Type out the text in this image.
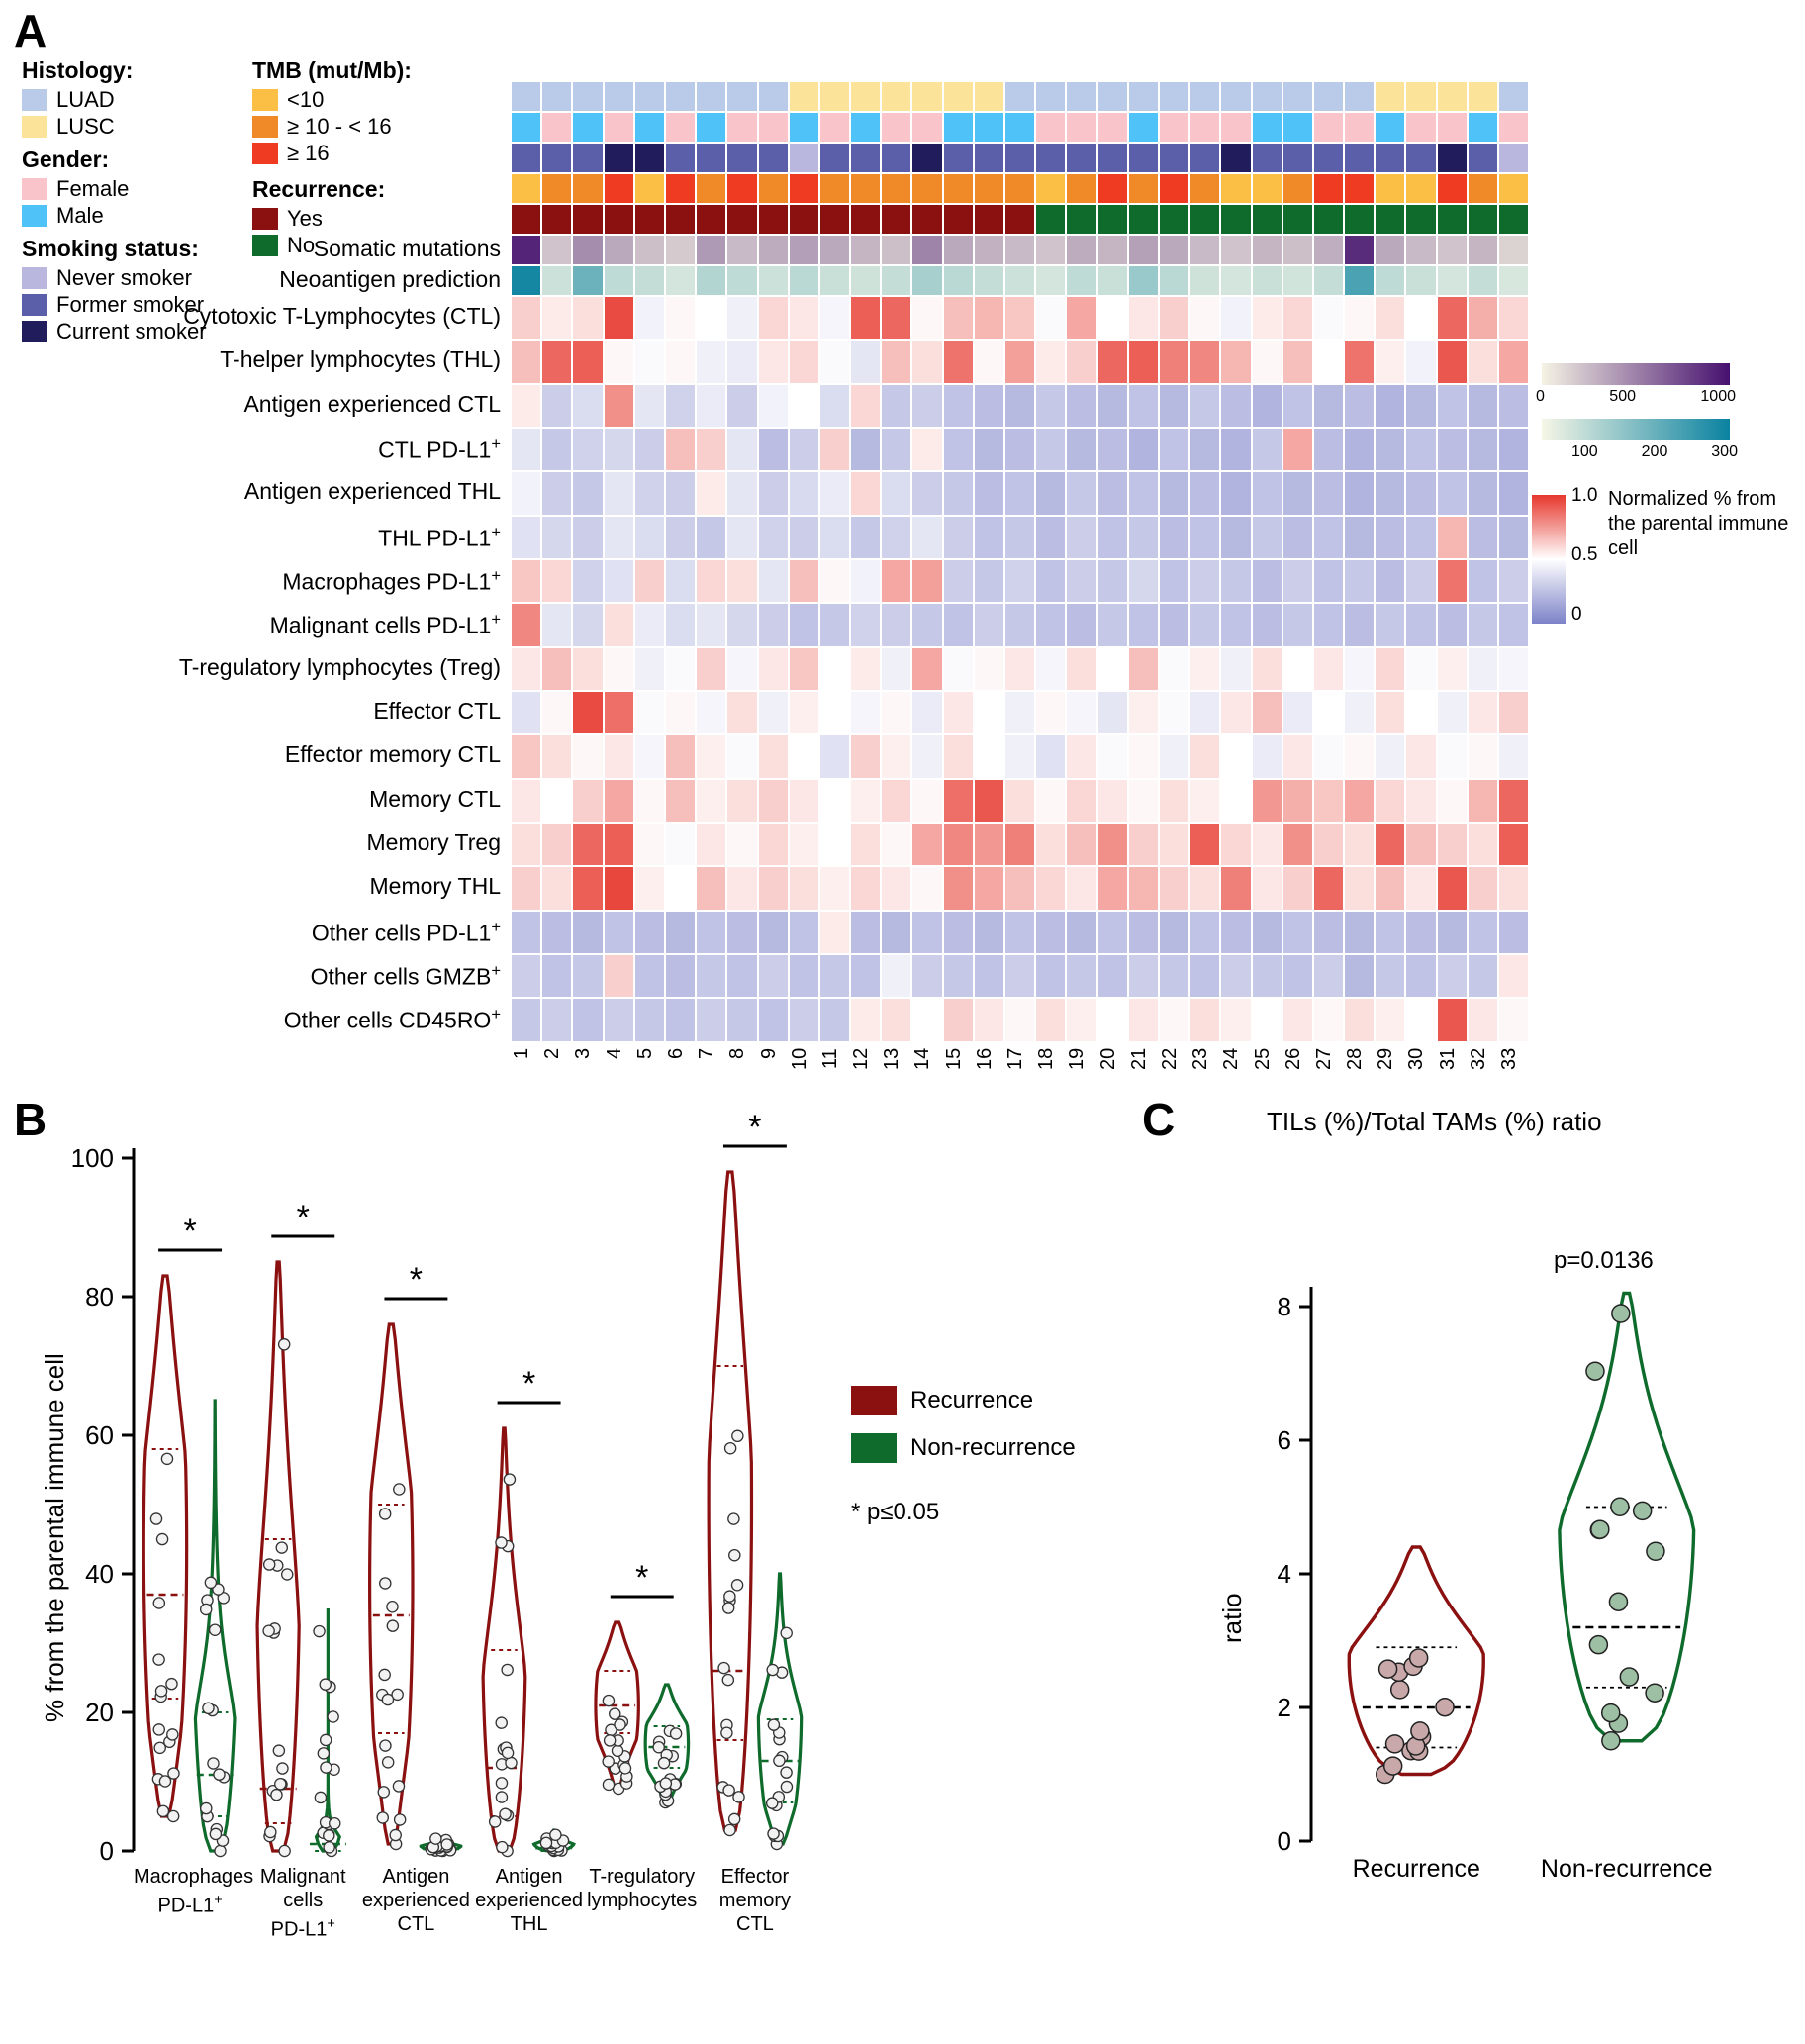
A
Histology:
LUAD
LUSC
Gender:
Female
Male
Smoking status:
Never smoker
Former smoker
Current smoker
TMB (mut/Mb):
<10
≥ 10 - < 16
≥ 16
Recurrence:
Yes
No
Somatic mutations
Neoantigen prediction
Cytotoxic T-Lymphocytes (CTL)
T-helper lymphocytes (THL)
Antigen experienced CTL
CTL PD-L1+
Antigen experienced THL
THL PD-L1+
Macrophages PD-L1+
Malignant cells PD-L1+
T-regulatory lymphocytes (Treg)
Effector CTL
Effector memory CTL
Memory CTL
Memory Treg
Memory THL
Other cells PD-L1+
Other cells GMZB+
Other cells CD45RO+
1 2 3 4 5 6 7 8 9 10 11 12 13 14 15 16 17 18 19 20 21 22 23 24 25 26 27 28 29 30 31 32 33
0	500	1000
100	200	300
1.0
0.5
0
Normalized % from the parental immune cell
B
% from the parental immune cell
0
20
40
60
80
100
*	*
*
*
*
*
Macrophages
PD-L1+
Malignant
cells
PD-L1+
Antigen
experienced
CTL
Antigen
experienced
THL
T-regulatory
lymphocytes
Effector
memory
CTL
Recurrence
Non-recurrence
* p≤0.05
C	TILs (%)/Total TAMs (%) ratio
p=0.0136
ratio
0
2
4
6
8
Recurrence	Non-recurrence
